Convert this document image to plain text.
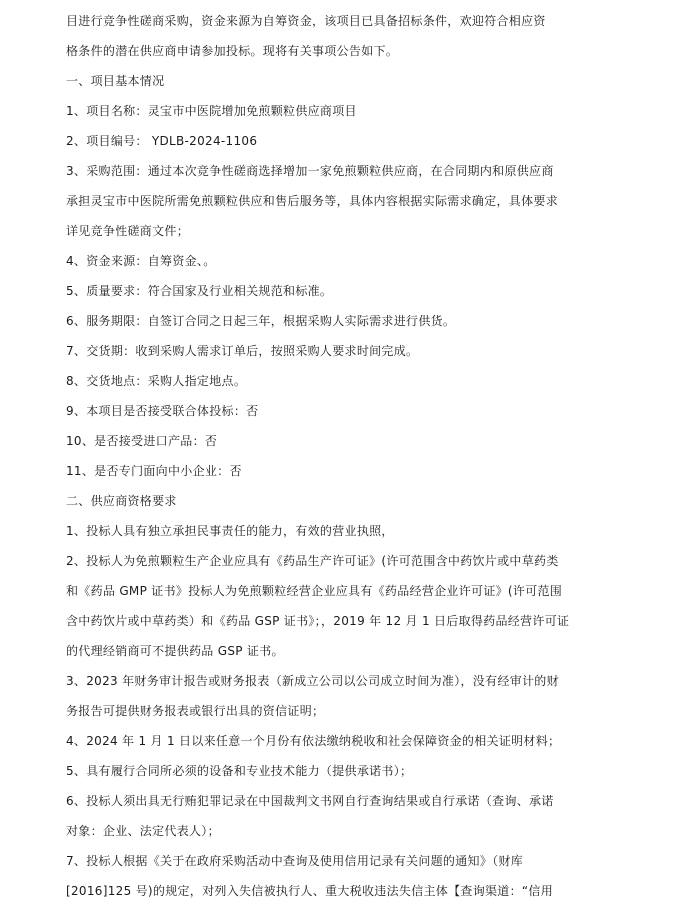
目进行竞争性磋商采购，资金来源为自筹资金，该项目已具备招标条件，欢迎符合相应资
格条件的潜在供应商申请参加投标。现将有关事项公告如下。
一、项目基本情况
1、项目名称：灵宝市中医院增加免煎颗粒供应商项目
2、项目编号： YDLB-2024-1106
3、采购范围：通过本次竞争性磋商选择增加一家免煎颗粒供应商，在合同期内和原供应商
承担灵宝市中医院所需免煎颗粒供应和售后服务等，具体内容根据实际需求确定，具体要求
详见竞争性磋商文件；
4、资金来源：自筹资金、。
5、质量要求：符合国家及行业相关规范和标准。
6、服务期限：自签订合同之日起三年，根据采购人实际需求进行供货。
7、交货期：收到采购人需求订单后，按照采购人要求时间完成。
8、交货地点：采购人指定地点。
9、本项目是否接受联合体投标：否
10、是否接受进口产品：否
11、是否专门面向中小企业：否
二、供应商资格要求
1、投标人具有独立承担民事责任的能力，有效的营业执照，
2、投标人为免煎颗粒生产企业应具有《药品生产许可证》(许可范围含中药饮片或中草药类
和《药品 GMP 证书》投标人为免煎颗粒经营企业应具有《药品经营企业许可证》(许可范围
含中药饮片或中草药类）和《药品 GSP 证书》；，2019 年 12 月 1 日后取得药品经营许可证
的代理经销商可不提供药品 GSP 证书。
3、2023 年财务审计报告或财务报表（新成立公司以公司成立时间为准），没有经审计的财
务报告可提供财务报表或银行出具的资信证明；
4、2024 年 1 月 1 日以来任意一个月份有依法缴纳税收和社会保障资金的相关证明材料；
5、具有履行合同所必须的设备和专业技术能力（提供承诺书）；
6、投标人须出具无行贿犯罪记录在中国裁判文书网自行查询结果或自行承诺（查询、承诺
对象：企业、法定代表人）；
7、投标人根据《关于在政府采购活动中查询及使用信用记录有关问题的通知》（财库
[2016]125 号)的规定，对列入失信被执行人、重大税收违法失信主体【查询渠道：“信用
